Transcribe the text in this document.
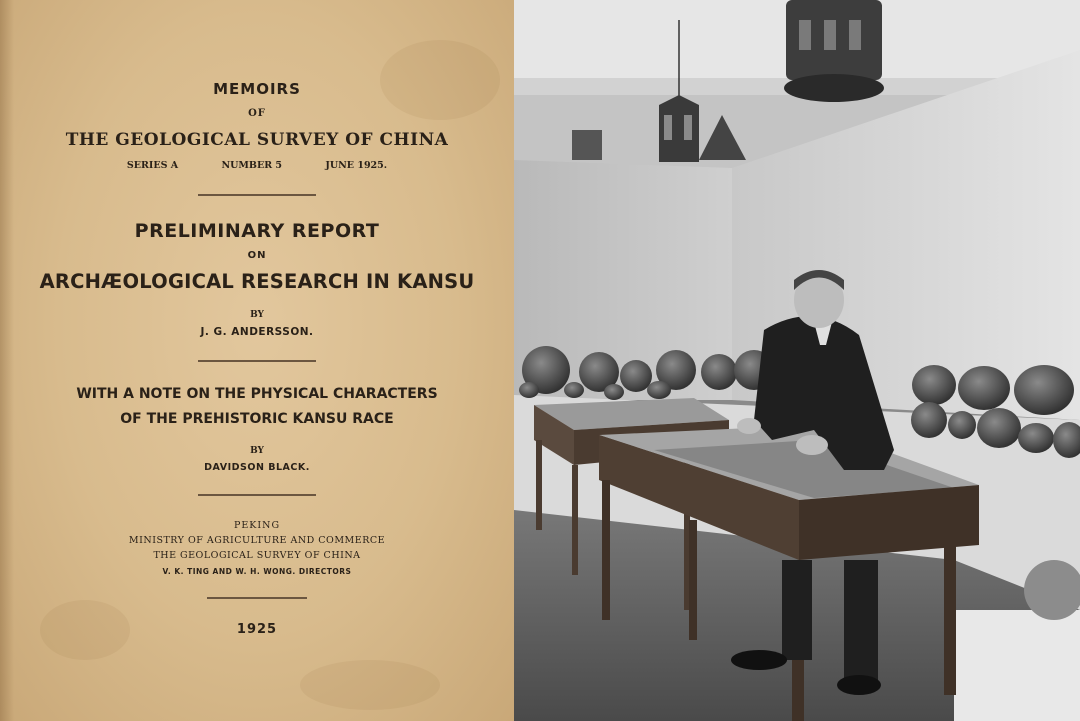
MEMOIRS
OF
THE GEOLOGICAL SURVEY OF CHINA
SERIES A	NUMBER 5	JUNE 1925.
PRELIMINARY REPORT
ON
ARCHÆOLOGICAL RESEARCH IN KANSU
BY
J. G. ANDERSSON.
WITH A NOTE ON THE PHYSICAL CHARACTERS
OF THE PREHISTORIC KANSU RACE
BY
DAVIDSON BLACK.
PEKING
MINISTRY OF AGRICULTURE AND COMMERCE
THE GEOLOGICAL SURVEY OF CHINA
V. K. TING AND W. H. WONG. DIRECTORS
1925
